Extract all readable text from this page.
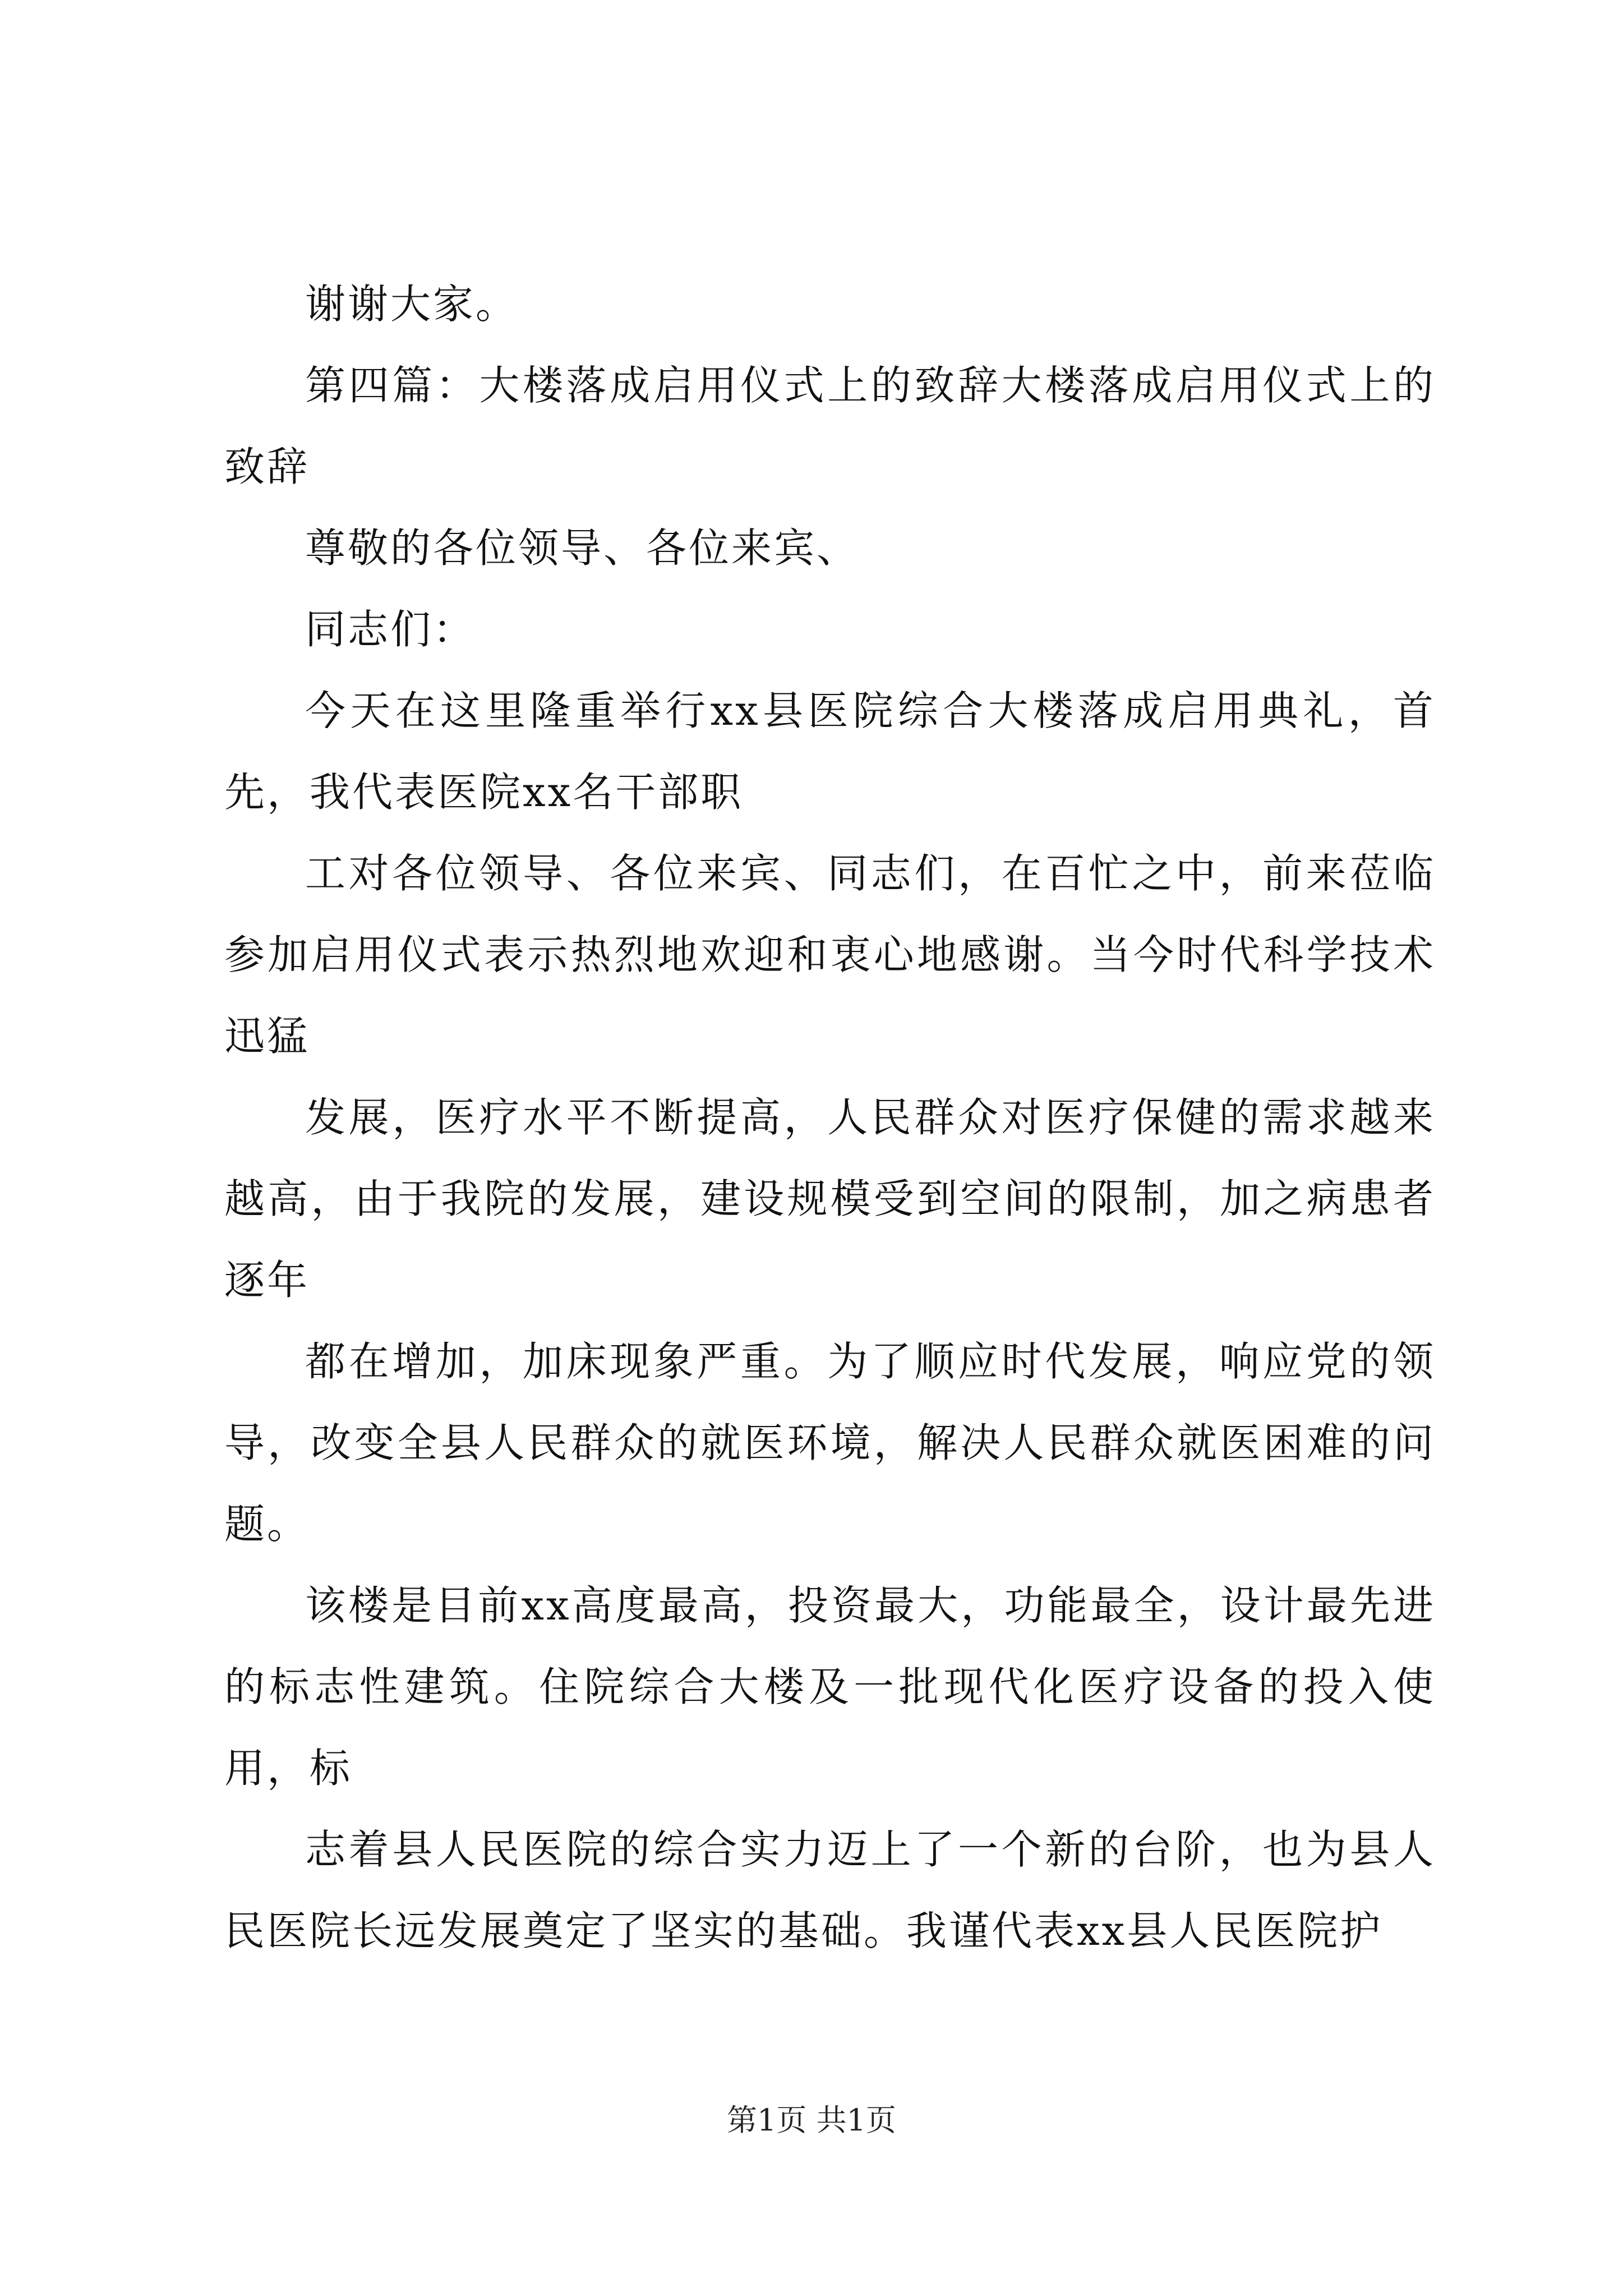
谢谢大家。

第四篇：大楼落成启用仪式上的致辞大楼落成启用仪式上的致辞

尊敬的各位领导、各位来宾、

同志们：

今天在这里隆重举行xx县医院综合大楼落成启用典礼，首先，我代表医院xx名干部职

工对各位领导、各位来宾、同志们，在百忙之中，前来莅临参加启用仪式表示热烈地欢迎和衷心地感谢。当今时代科学技术迅猛

发展，医疗水平不断提高，人民群众对医疗保健的需求越来越高，由于我院的发展，建设规模受到空间的限制，加之病患者逐年

都在增加，加床现象严重。为了顺应时代发展，响应党的领导，改变全县人民群众的就医环境，解决人民群众就医困难的问题。

该楼是目前xx高度最高，投资最大，功能最全，设计最先进的标志性建筑。住院综合大楼及一批现代化医疗设备的投入使用，标

志着县人民医院的综合实力迈上了一个新的台阶，也为县人民医院长远发展奠定了坚实的基础。我谨代表xx县人民医院护

第1页 共1页
